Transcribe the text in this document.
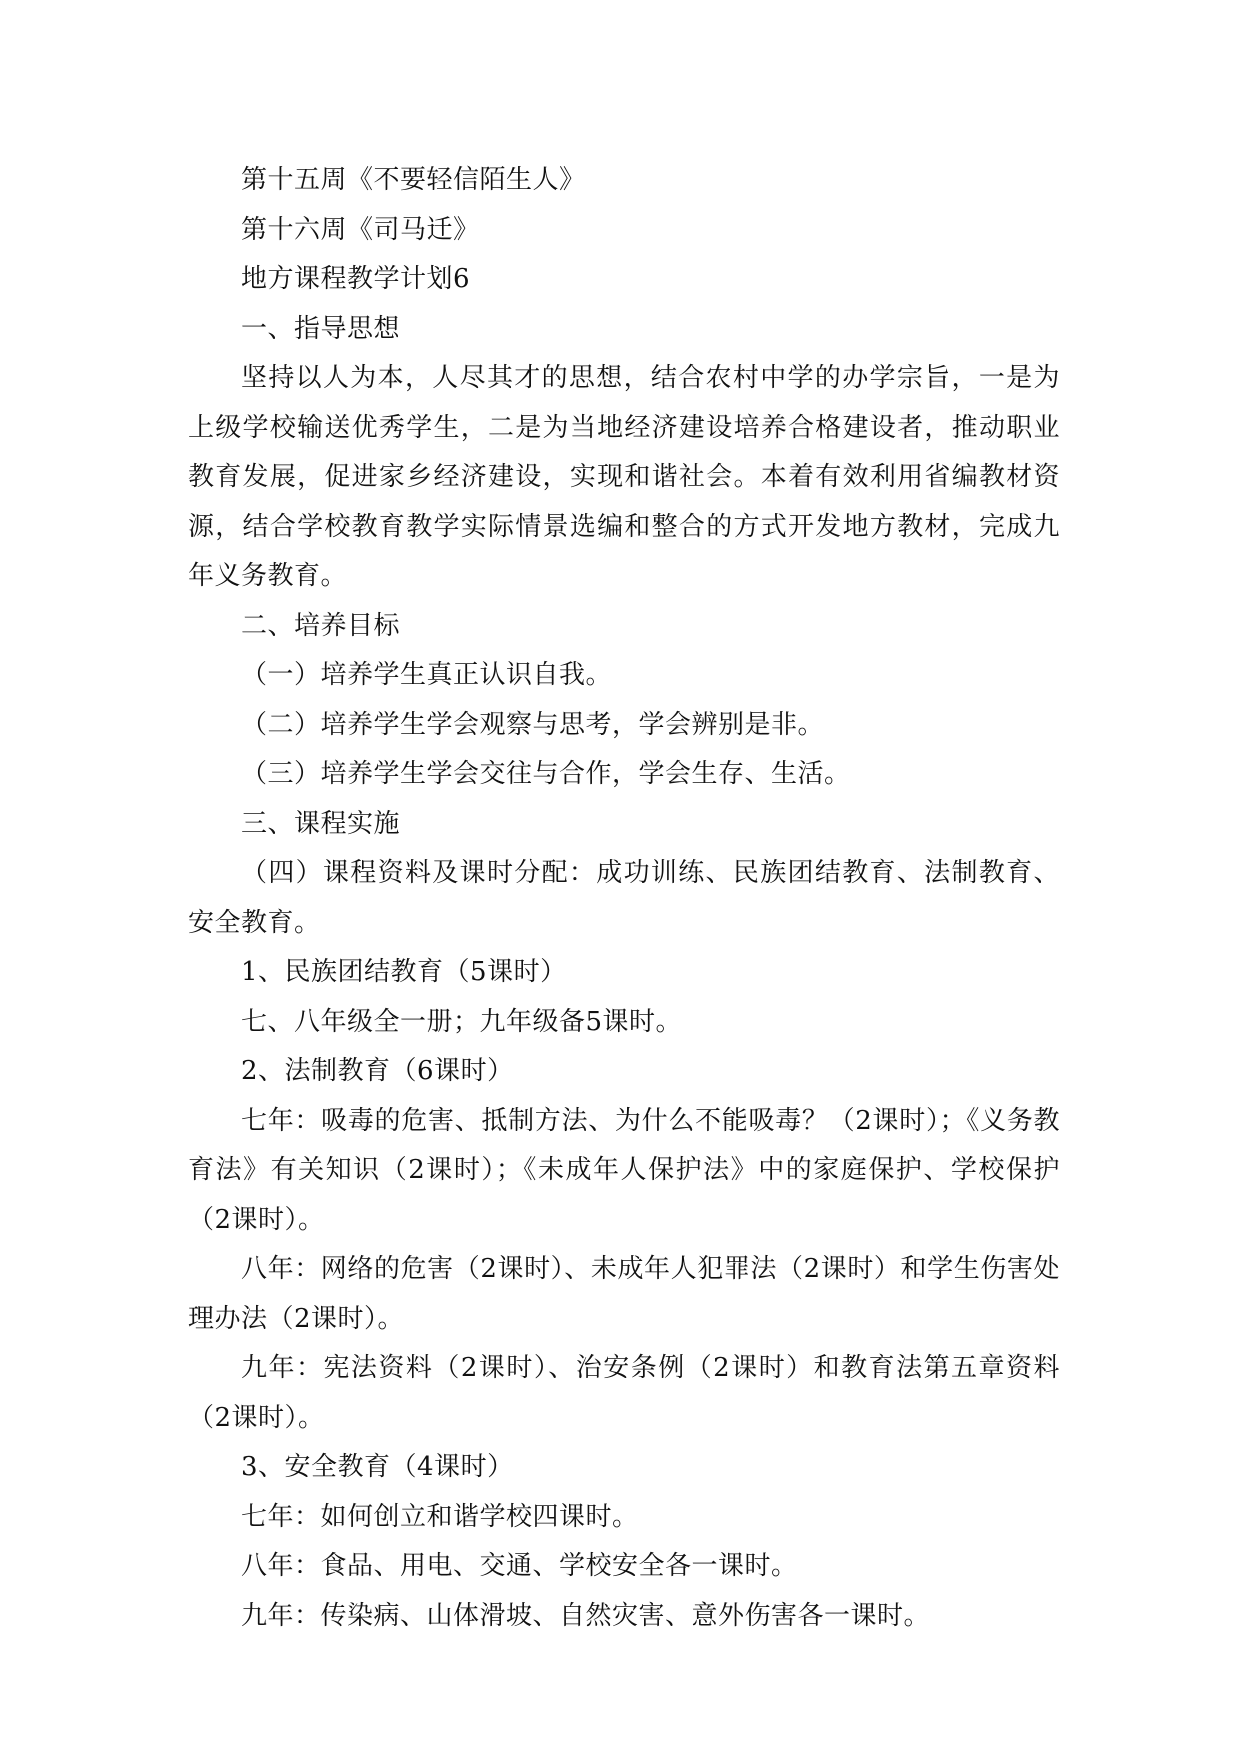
第十五周《不要轻信陌生人》

第十六周《司马迁》

地方课程教学计划6

一、指导思想

坚持以人为本，人尽其才的思想，结合农村中学的办学宗旨，一是为上级学校输送优秀学生，二是为当地经济建设培养合格建设者，推动职业教育发展，促进家乡经济建设，实现和谐社会。本着有效利用省编教材资源，结合学校教育教学实际情景选编和整合的方式开发地方教材，完成九年义务教育。

二、培养目标

（一）培养学生真正认识自我。

（二）培养学生学会观察与思考，学会辨别是非。

（三）培养学生学会交往与合作，学会生存、生活。

三、课程实施

（四）课程资料及课时分配：成功训练、民族团结教育、法制教育、安全教育。

1、民族团结教育（5课时）

七、八年级全一册；九年级备5课时。

2、法制教育（6课时）

七年：吸毒的危害、抵制方法、为什么不能吸毒？（2课时）；《义务教育法》有关知识（2课时）；《未成年人保护法》中的家庭保护、学校保护（2课时）。

八年：网络的危害（2课时）、未成年人犯罪法（2课时）和学生伤害处理办法（2课时）。

九年：宪法资料（2课时）、治安条例（2课时）和教育法第五章资料（2课时）。

3、安全教育（4课时）

七年：如何创立和谐学校四课时。

八年：食品、用电、交通、学校安全各一课时。

九年：传染病、山体滑坡、自然灾害、意外伤害各一课时。
